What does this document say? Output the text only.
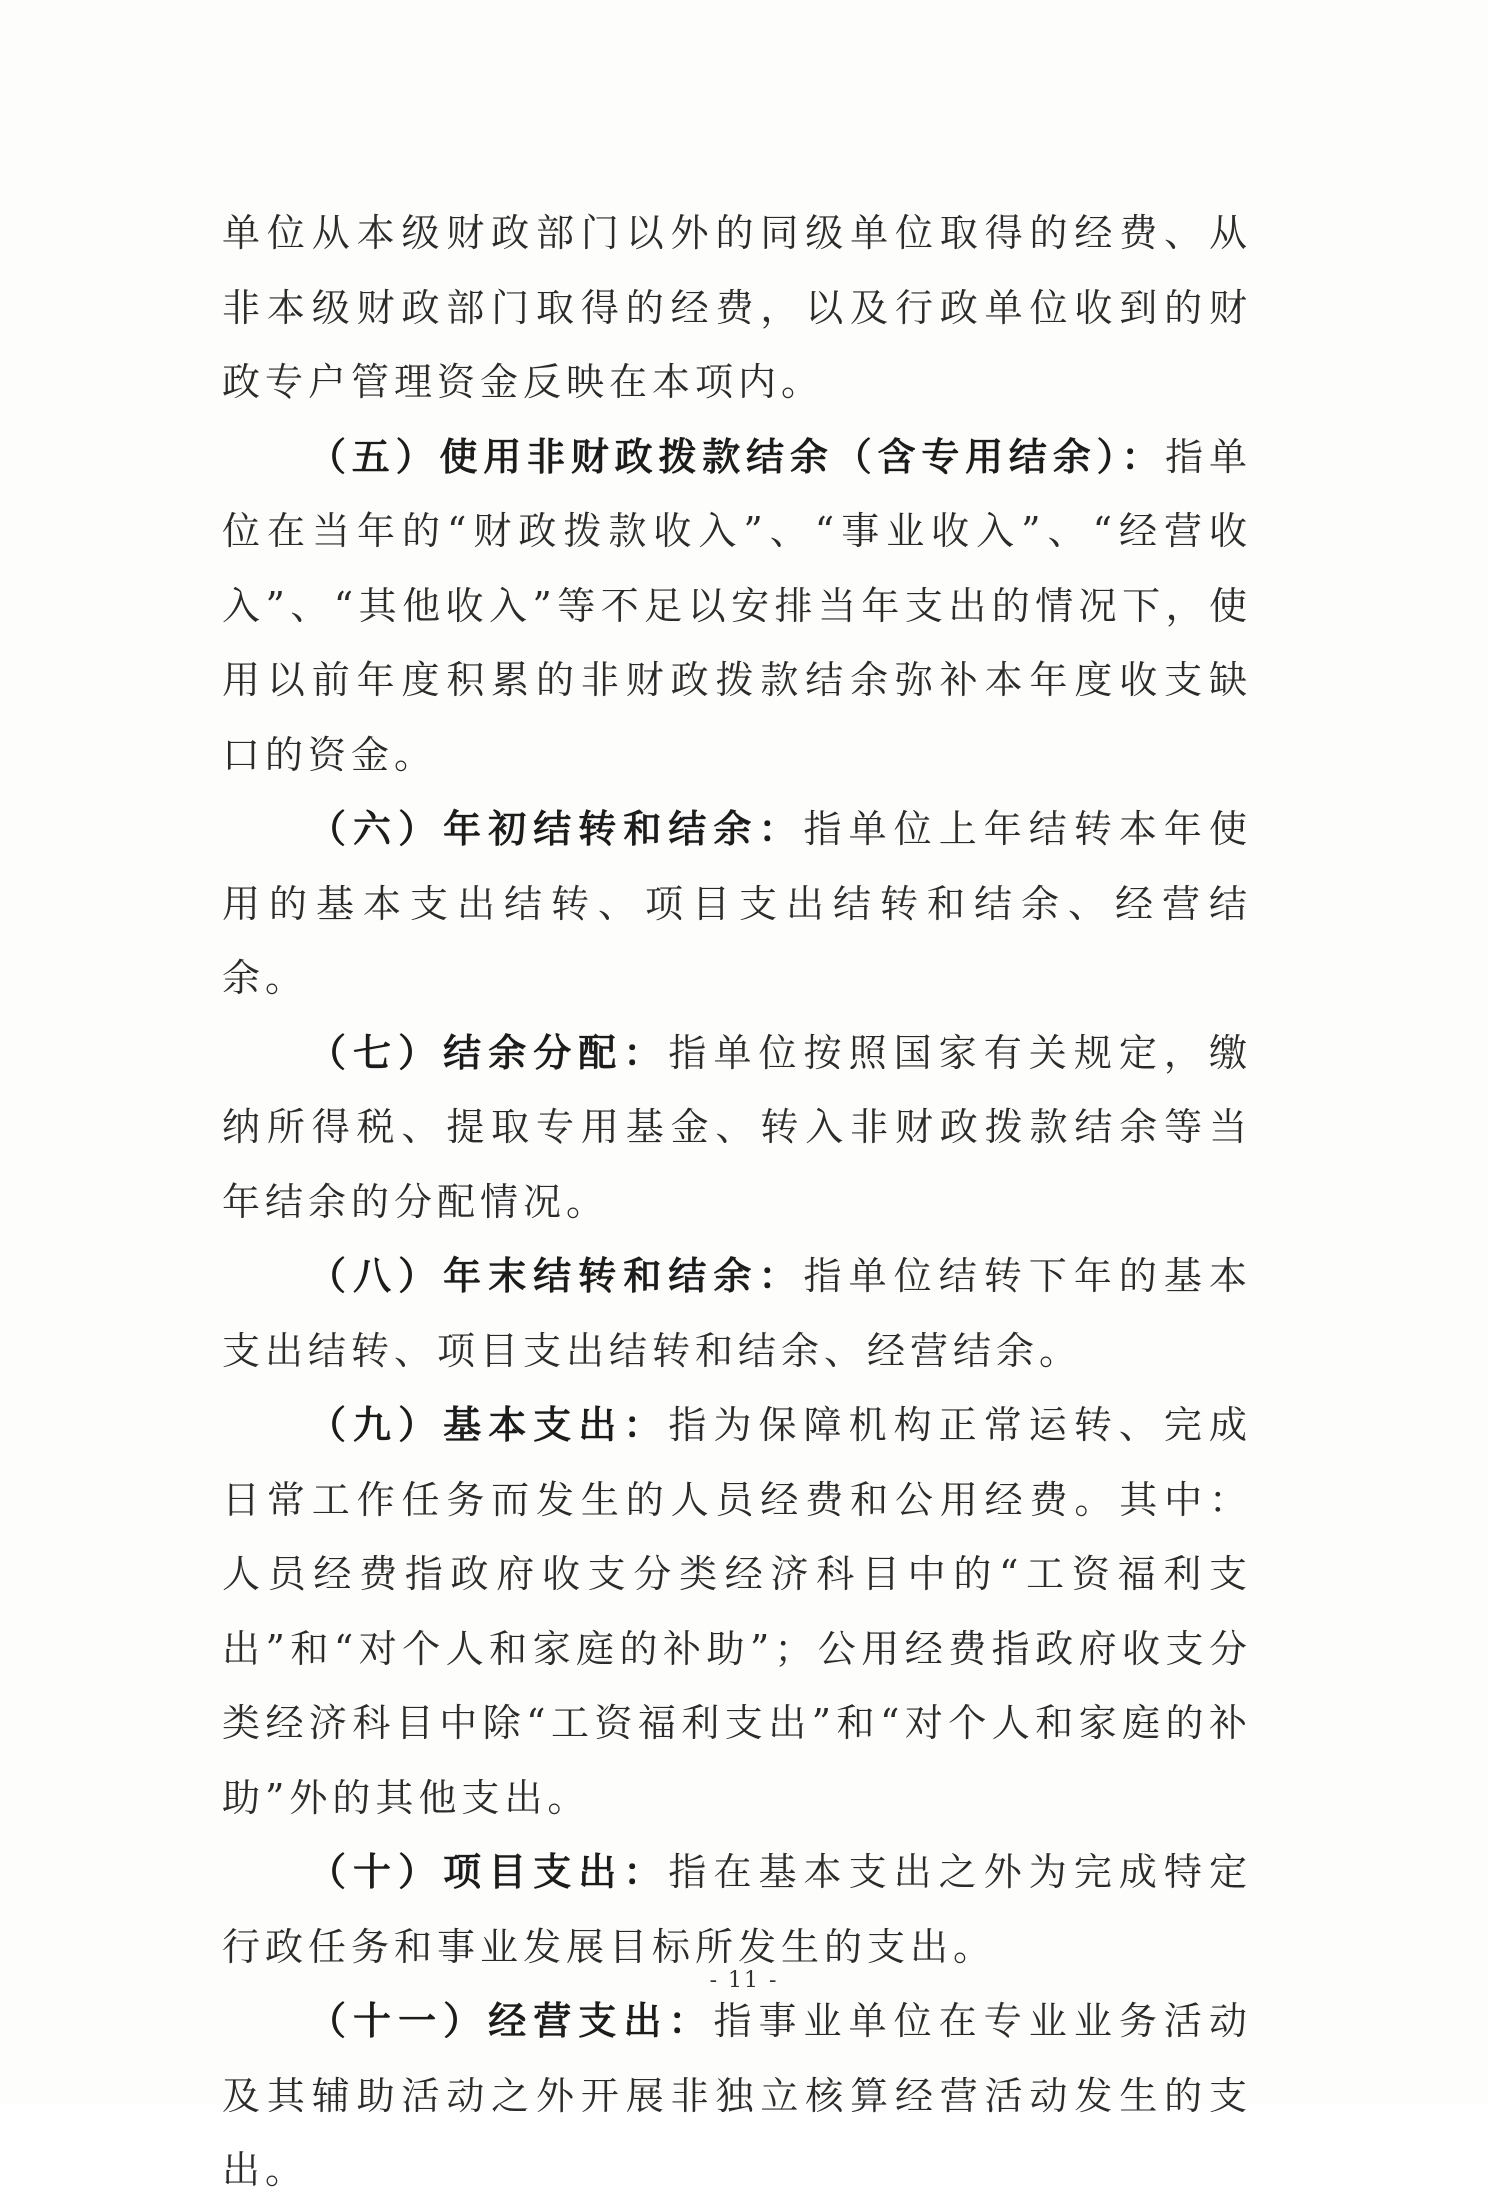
单位从本级财政部门以外的同级单位取得的经费、从非本级财政部门取得的经费，以及行政单位收到的财政专户管理资金反映在本项内。

（五）使用非财政拨款结余（含专用结余）：指单位在当年的“财政拨款收入”、“事业收入”、“经营收入”、“其他收入”等不足以安排当年支出的情况下，使用以前年度积累的非财政拨款结余弥补本年度收支缺口的资金。

（六）年初结转和结余：指单位上年结转本年使用的基本支出结转、项目支出结转和结余、经营结余。

（七）结余分配：指单位按照国家有关规定，缴纳所得税、提取专用基金、转入非财政拨款结余等当年结余的分配情况。

（八）年末结转和结余：指单位结转下年的基本支出结转、项目支出结转和结余、经营结余。

（九）基本支出：指为保障机构正常运转、完成日常工作任务而发生的人员经费和公用经费。其中：人员经费指政府收支分类经济科目中的“工资福利支出”和“对个人和家庭的补助”；公用经费指政府收支分类经济科目中除“工资福利支出”和“对个人和家庭的补助”外的其他支出。

（十）项目支出：指在基本支出之外为完成特定行政任务和事业发展目标所发生的支出。

（十一）经营支出：指事业单位在专业业务活动及其辅助活动之外开展非独立核算经营活动发生的支出。

- 11 -
